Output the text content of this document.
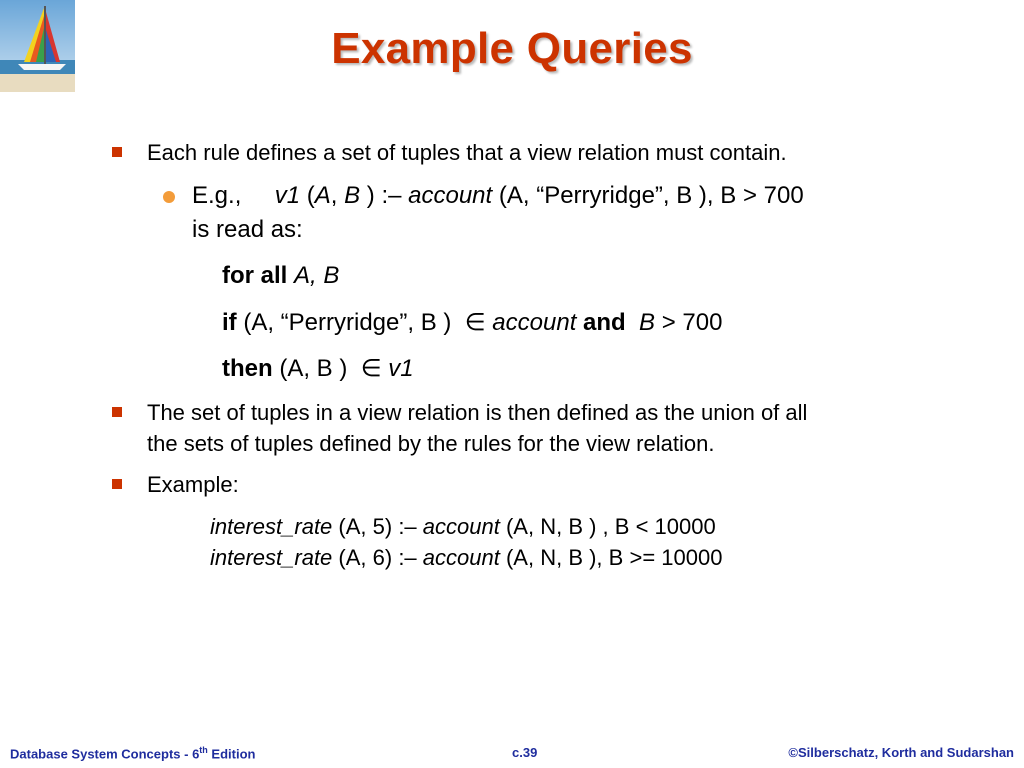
Example Queries
Each rule defines a set of tuples that a view relation must contain.
E.g., v1 (A, B ) :– account (A, “Perryridge”, B ), B > 700
is read as:
for all A, B
if (A, “Perryridge”, B ) ∈ account and B > 700
then (A, B ) ∈ v1
The set of tuples in a view relation is then defined as the union of all
the sets of tuples defined by the rules for the view relation.
Example:
interest_rate (A, 5) :– account (A, N, B ) , B < 10000
interest_rate (A, 6) :– account (A, N, B ), B >= 10000
Database System Concepts - 6th Edition	c.39	©Silberschatz, Korth and Sudarshan
